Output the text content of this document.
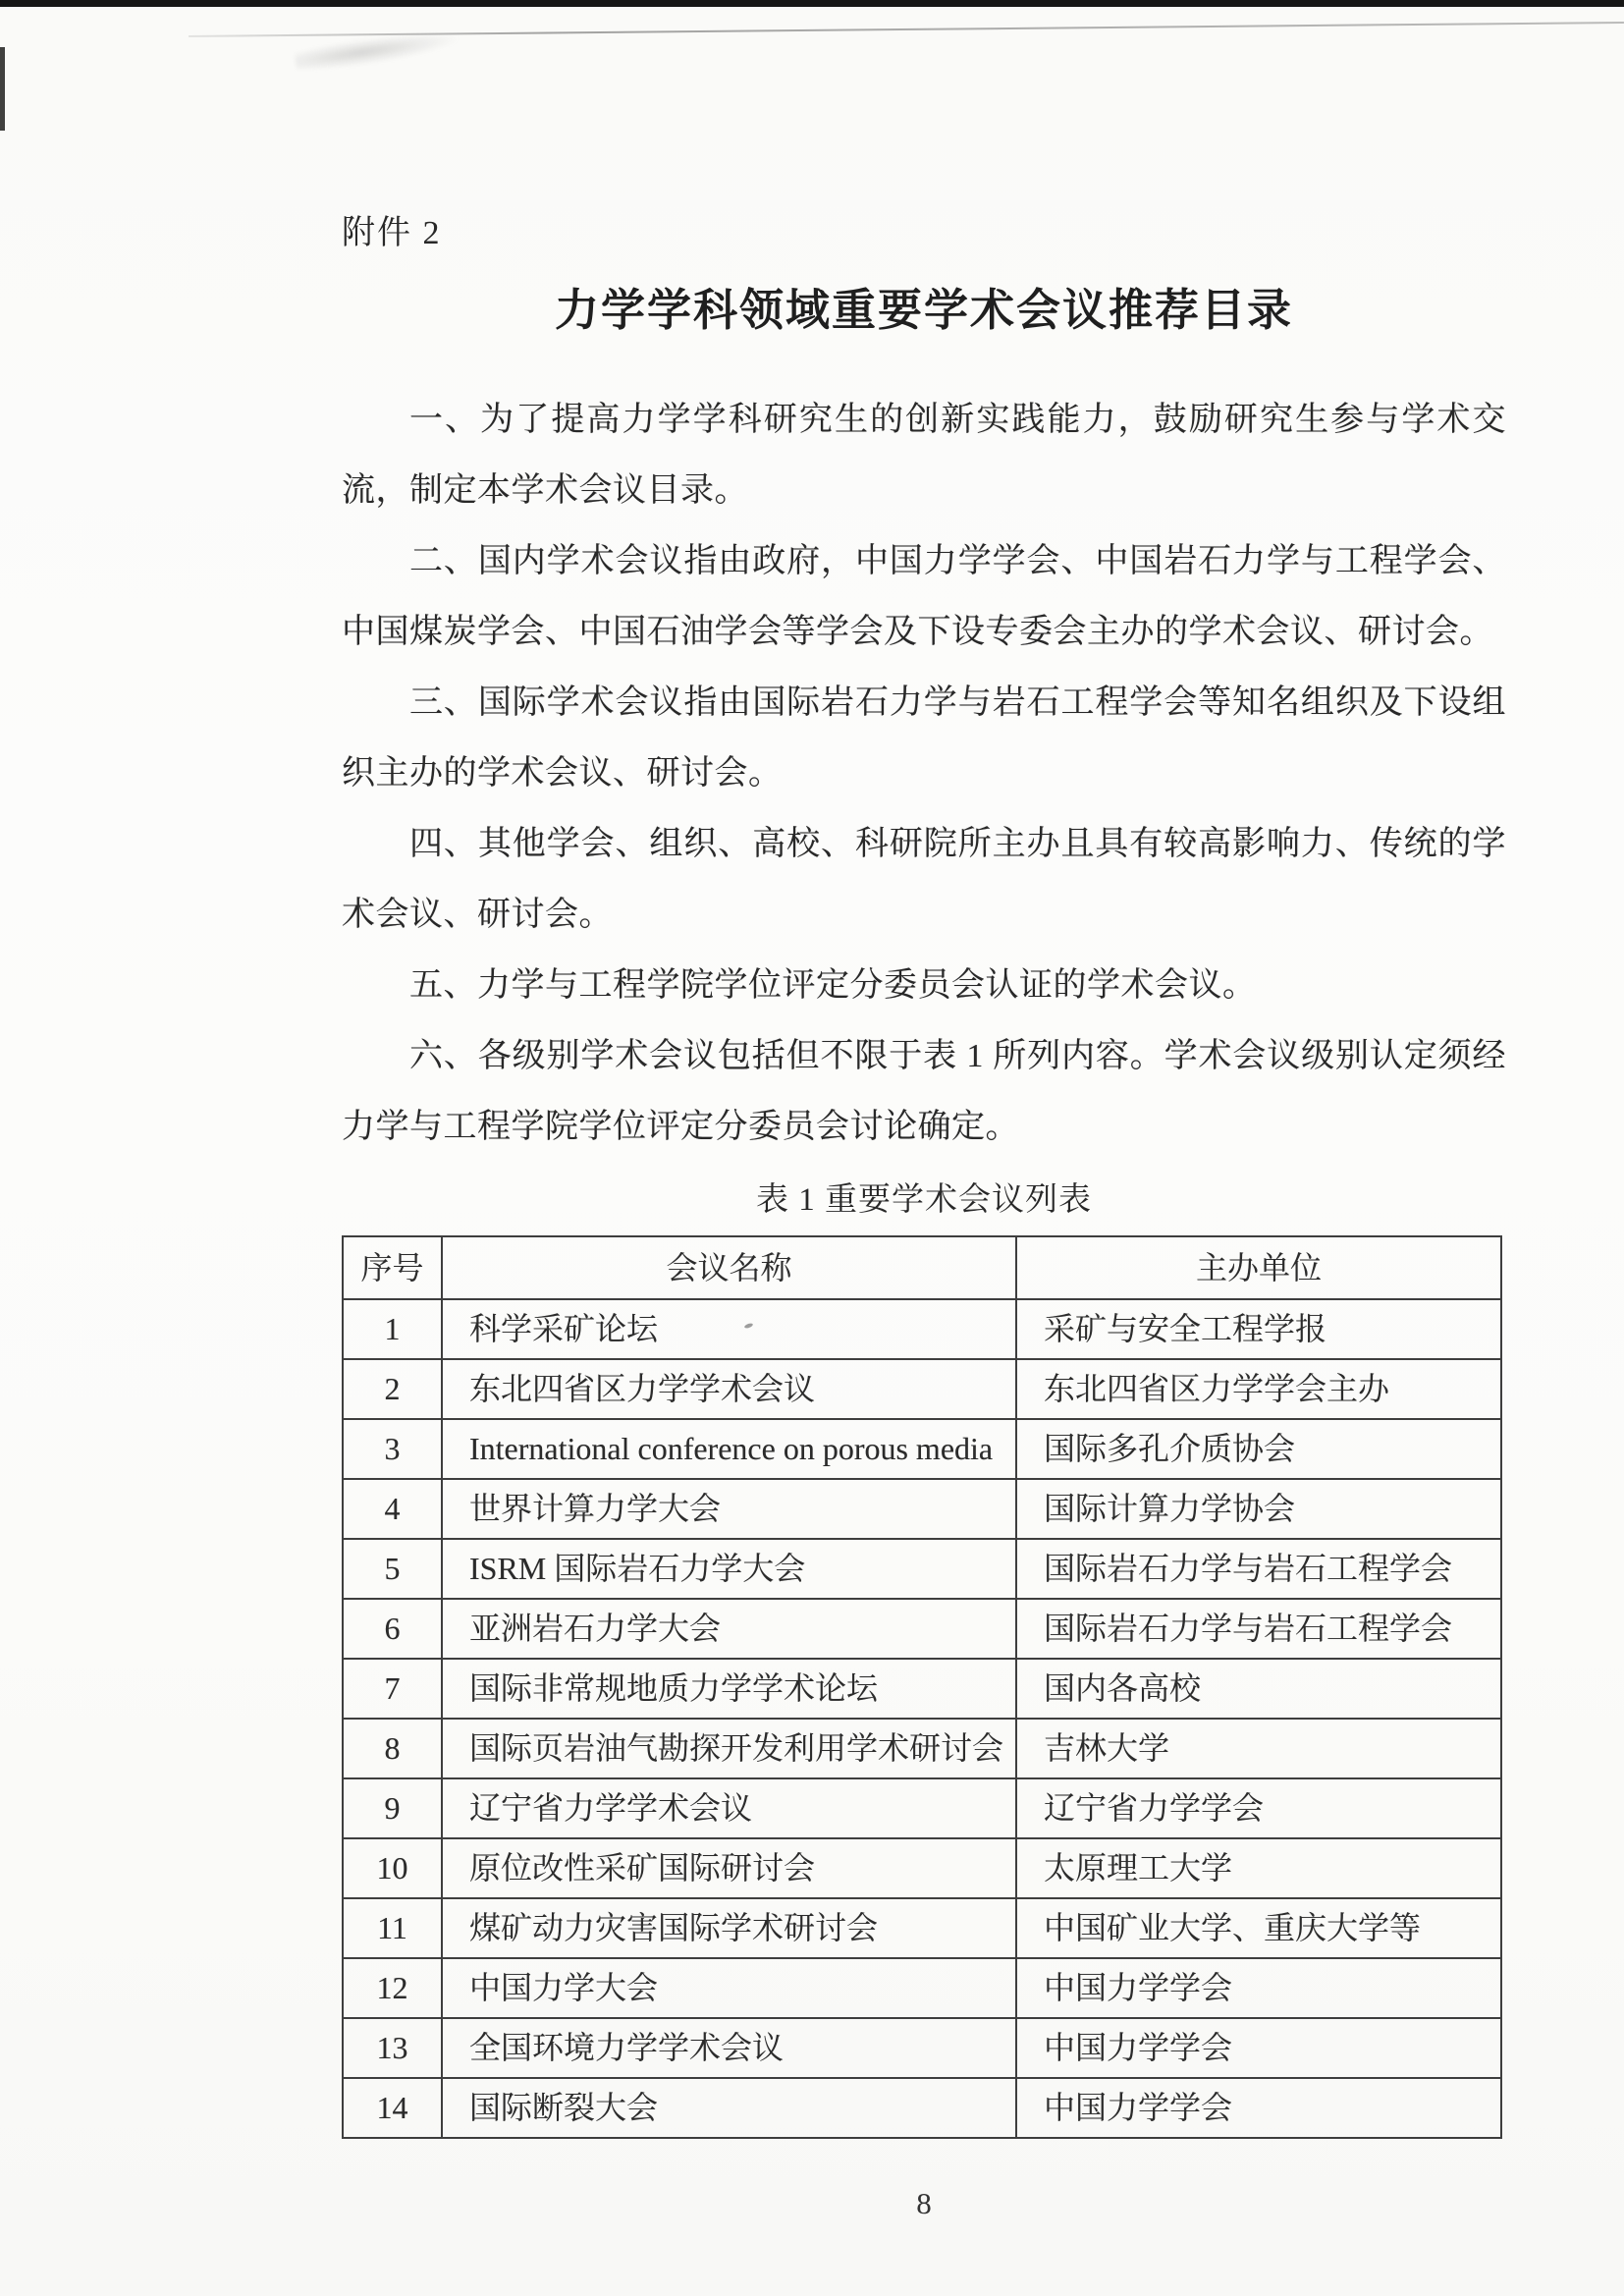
附件 2
力学学科领域重要学术会议推荐目录
一、为了提高力学学科研究生的创新实践能力，鼓励研究生参与学术交流，制定本学术会议目录。
二、国内学术会议指由政府，中国力学学会、中国岩石力学与工程学会、中国煤炭学会、中国石油学会等学会及下设专委会主办的学术会议、研讨会。
三、国际学术会议指由国际岩石力学与岩石工程学会等知名组织及下设组织主办的学术会议、研讨会。
四、其他学会、组织、高校、科研院所主办且具有较高影响力、传统的学术会议、研讨会。
五、力学与工程学院学位评定分委员会认证的学术会议。
六、各级别学术会议包括但不限于表 1 所列内容。学术会议级别认定须经力学与工程学院学位评定分委员会讨论确定。
表 1 重要学术会议列表
序号	会议名称	主办单位
1	科学采矿论坛	采矿与安全工程学报
2	东北四省区力学学术会议	东北四省区力学学会主办
3	International conference on porous media	国际多孔介质协会
4	世界计算力学大会	国际计算力学协会
5	ISRM 国际岩石力学大会	国际岩石力学与岩石工程学会
6	亚洲岩石力学大会	国际岩石力学与岩石工程学会
7	国际非常规地质力学学术论坛	国内各高校
8	国际页岩油气勘探开发利用学术研讨会	吉林大学
9	辽宁省力学学术会议	辽宁省力学学会
10	原位改性采矿国际研讨会	太原理工大学
11	煤矿动力灾害国际学术研讨会	中国矿业大学、重庆大学等
12	中国力学大会	中国力学学会
13	全国环境力学学术会议	中国力学学会
14	国际断裂大会	中国力学学会
8
